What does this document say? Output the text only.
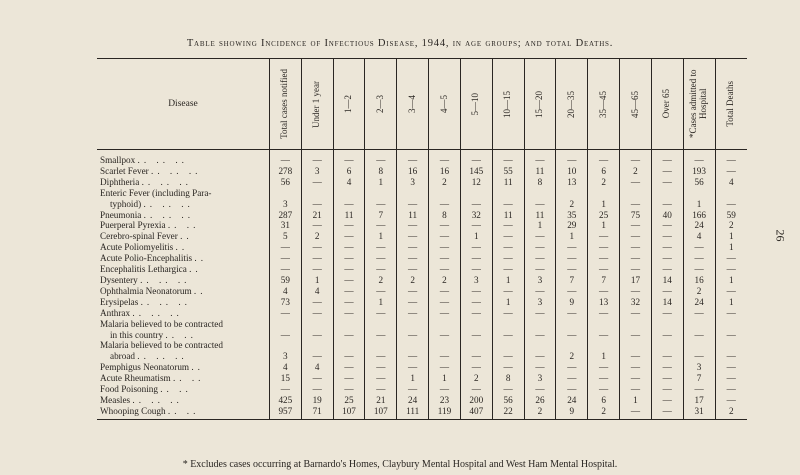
Table showing Incidence of Infectious Disease, 1944, in age groups; and total Deaths.
26
Disease	Total cases notified	Under 1 year	1—2	2—3	3—4	4—5	5—10	10—15	15—20	20—35	35—45	45—65	Over 65	*Cases admitted to Hospital	Total Deaths

Smallpox .. .. ..	—	—	—	—	—	—	—	—	—	—	—	—	—	—	—
Scarlet Fever .. .. ..	278	3	6	8	16	16	145	55	11	10	6	2	—	193	—
Diphtheria .. .. ..	56	—	4	1	3	2	12	11	8	13	2	—	—	56	4
Enteric Fever (including Para-															

typhoid) .. .. ..	3	—	—	—	—	—	—	—	—	2	1	—	—	1	—
Pneumonia .. .. ..	287	21	11	7	11	8	32	11	11	35	25	75	40	166	59
Puerperal Pyrexia .. ..	31	—	—	—	—	—	—	—	1	29	1	—	—	24	2
Cerebro-spinal Fever ..	5	2	—	1	—	—	1	—	—	1	—	—	—	4	1
Acute Poliomyelitis ..	—	—	—	—	—	—	—	—	—	—	—	—	—	—	1
Acute Polio-Encephalitis ..	—	—	—	—	—	—	—	—	—	—	—	—	—	—	—
Encephalitis Lethargica ..	—	—	—	—	—	—	—	—	—	—	—	—	—	—	—
Dysentery .. .. ..	59	1	—	2	2	2	3	1	3	7	7	17	14	16	1
Ophthalmia Neonatorum ..	4	4	—	—	—	—	—	—	—	—	—	—	—	2	—
Erysipelas .. .. ..	73	—	—	1	—	—	—	1	3	9	13	32	14	24	1
Anthrax .. .. ..	—	—	—	—	—	—	—	—	—	—	—	—	—	—	—
Malaria believed to be contracted															

in this country .. ..	—	—	—	—	—	—	—	—	—	—	—	—	—	—	—
Malaria believed to be contracted															

abroad .. .. ..	3	—	—	—	—	—	—	—	—	2	1	—	—	—	—
Pemphigus Neonatorum ..	4	4	—	—	—	—	—	—	—	—	—	—	—	3	—
Acute Rheumatism .. ..	15	—	—	—	1	1	2	8	3	—	—	—	—	7	—
Food Poisoning .. ..	—	—	—	—	—	—	—	—	—	—	—	—	—	—	—
Measles .. .. ..	425	19	25	21	24	23	200	56	26	24	6	1	—	17	—
Whooping Cough .. ..	957	71	107	107	111	119	407	22	2	9	2	—	—	31	2
* Excludes cases occurring at Barnardo's Homes, Claybury Mental Hospital and West Ham Mental Hospital.
